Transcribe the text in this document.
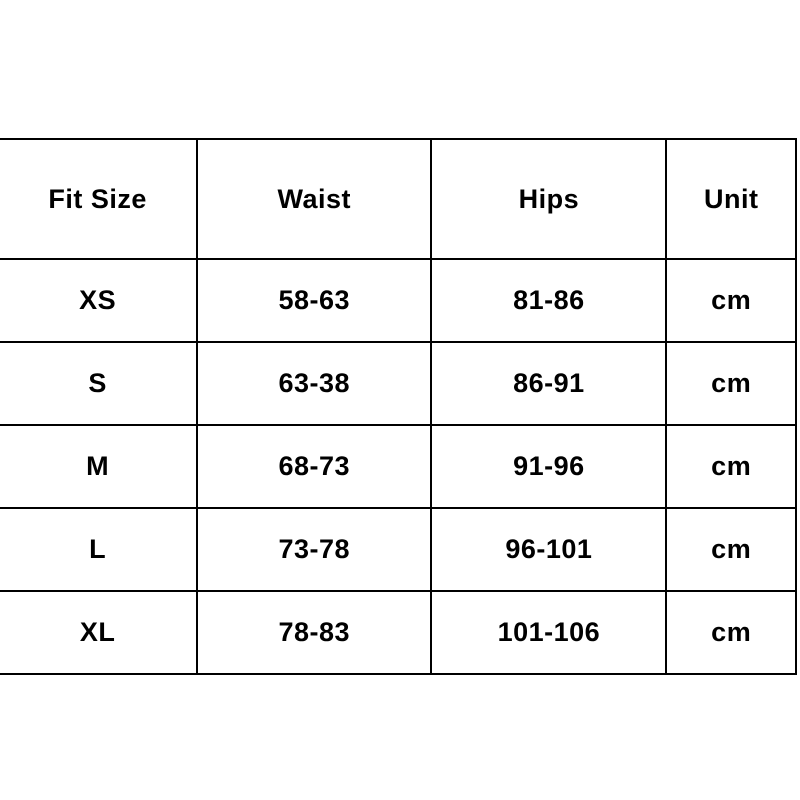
Fit Size	Waist	Hips	Unit
XS	58-63	81-86	cm
S	63-38	86-91	cm
M	68-73	91-96	cm
L	73-78	96-101	cm
XL	78-83	101-106	cm
